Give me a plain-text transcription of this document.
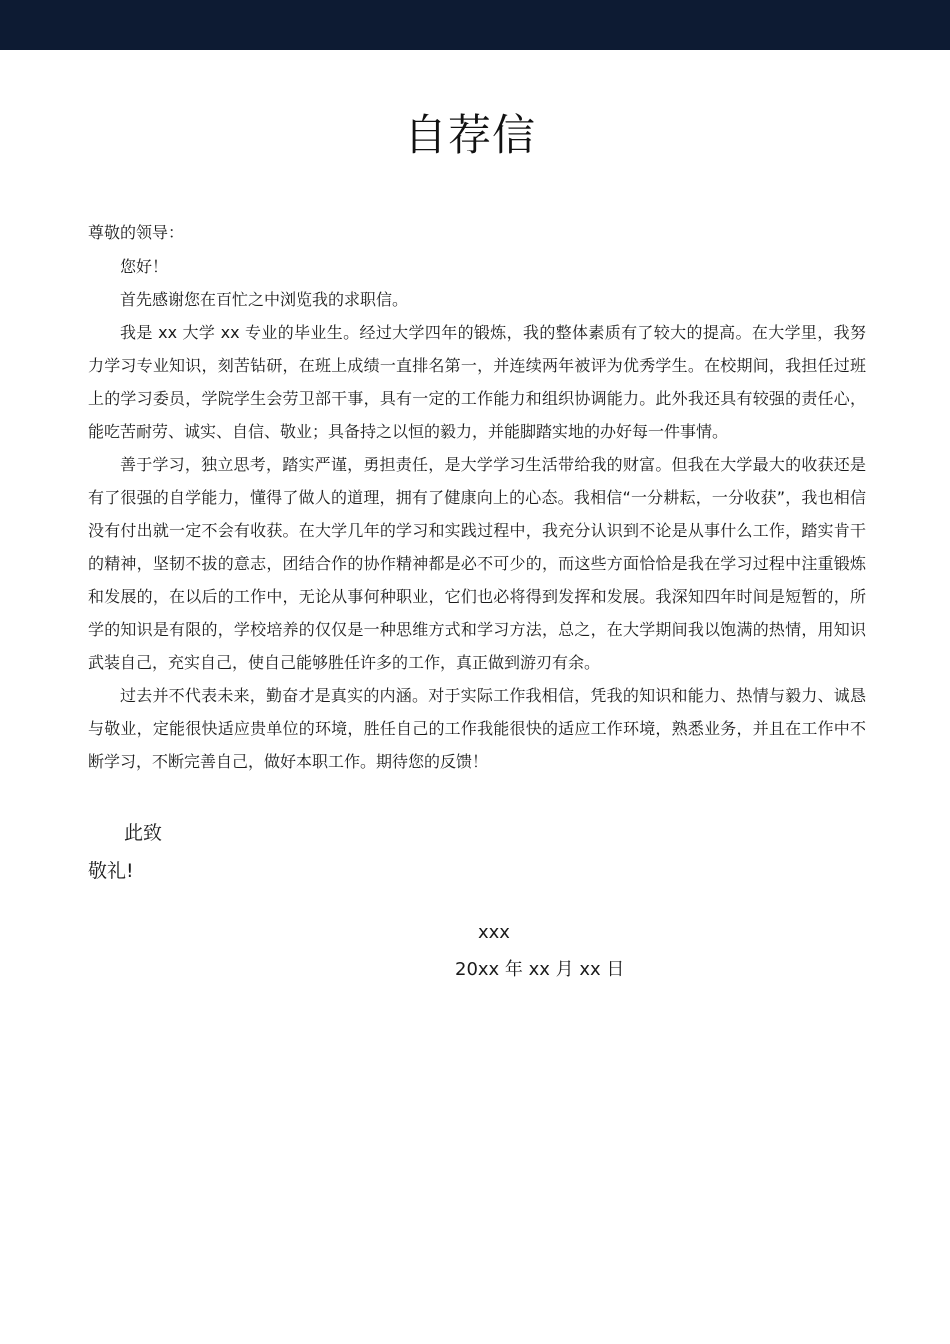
自荐信
尊敬的领导：

您好！

首先感谢您在百忙之中浏览我的求职信。

我是 xx 大学 xx 专业的毕业生。经过大学四年的锻炼，我的整体素质有了较大的提高。在大学里，我努力学习专业知识，刻苦钻研，在班上成绩一直排名第一，并连续两年被评为优秀学生。在校期间，我担任过班上的学习委员，学院学生会劳卫部干事，具有一定的工作能力和组织协调能力。此外我还具有较强的责任心，能吃苦耐劳、诚实、自信、敬业；具备持之以恒的毅力，并能脚踏实地的办好每一件事情。

善于学习，独立思考，踏实严谨，勇担责任，是大学学习生活带给我的财富。但我在大学最大的收获还是有了很强的自学能力，懂得了做人的道理，拥有了健康向上的心态。我相信“一分耕耘，一分收获”，我也相信没有付出就一定不会有收获。在大学几年的学习和实践过程中，我充分认识到不论是从事什么工作，踏实肯干的精神，坚韧不拔的意志，团结合作的协作精神都是必不可少的，而这些方面恰恰是我在学习过程中注重锻炼和发展的，在以后的工作中，无论从事何种职业，它们也必将得到发挥和发展。我深知四年时间是短暂的，所学的知识是有限的，学校培养的仅仅是一种思维方式和学习方法，总之，在大学期间我以饱满的热情，用知识武装自己，充实自己，使自己能够胜任许多的工作，真正做到游刃有余。

过去并不代表未来，勤奋才是真实的内涵。对于实际工作我相信，凭我的知识和能力、热情与毅力、诚恳与敬业，定能很快适应贵单位的环境，胜任自己的工作我能很快的适应工作环境，熟悉业务，并且在工作中不断学习，不断完善自己，做好本职工作。期待您的反馈！

此致
敬礼!
xxx
20xx 年 xx 月 xx 日
